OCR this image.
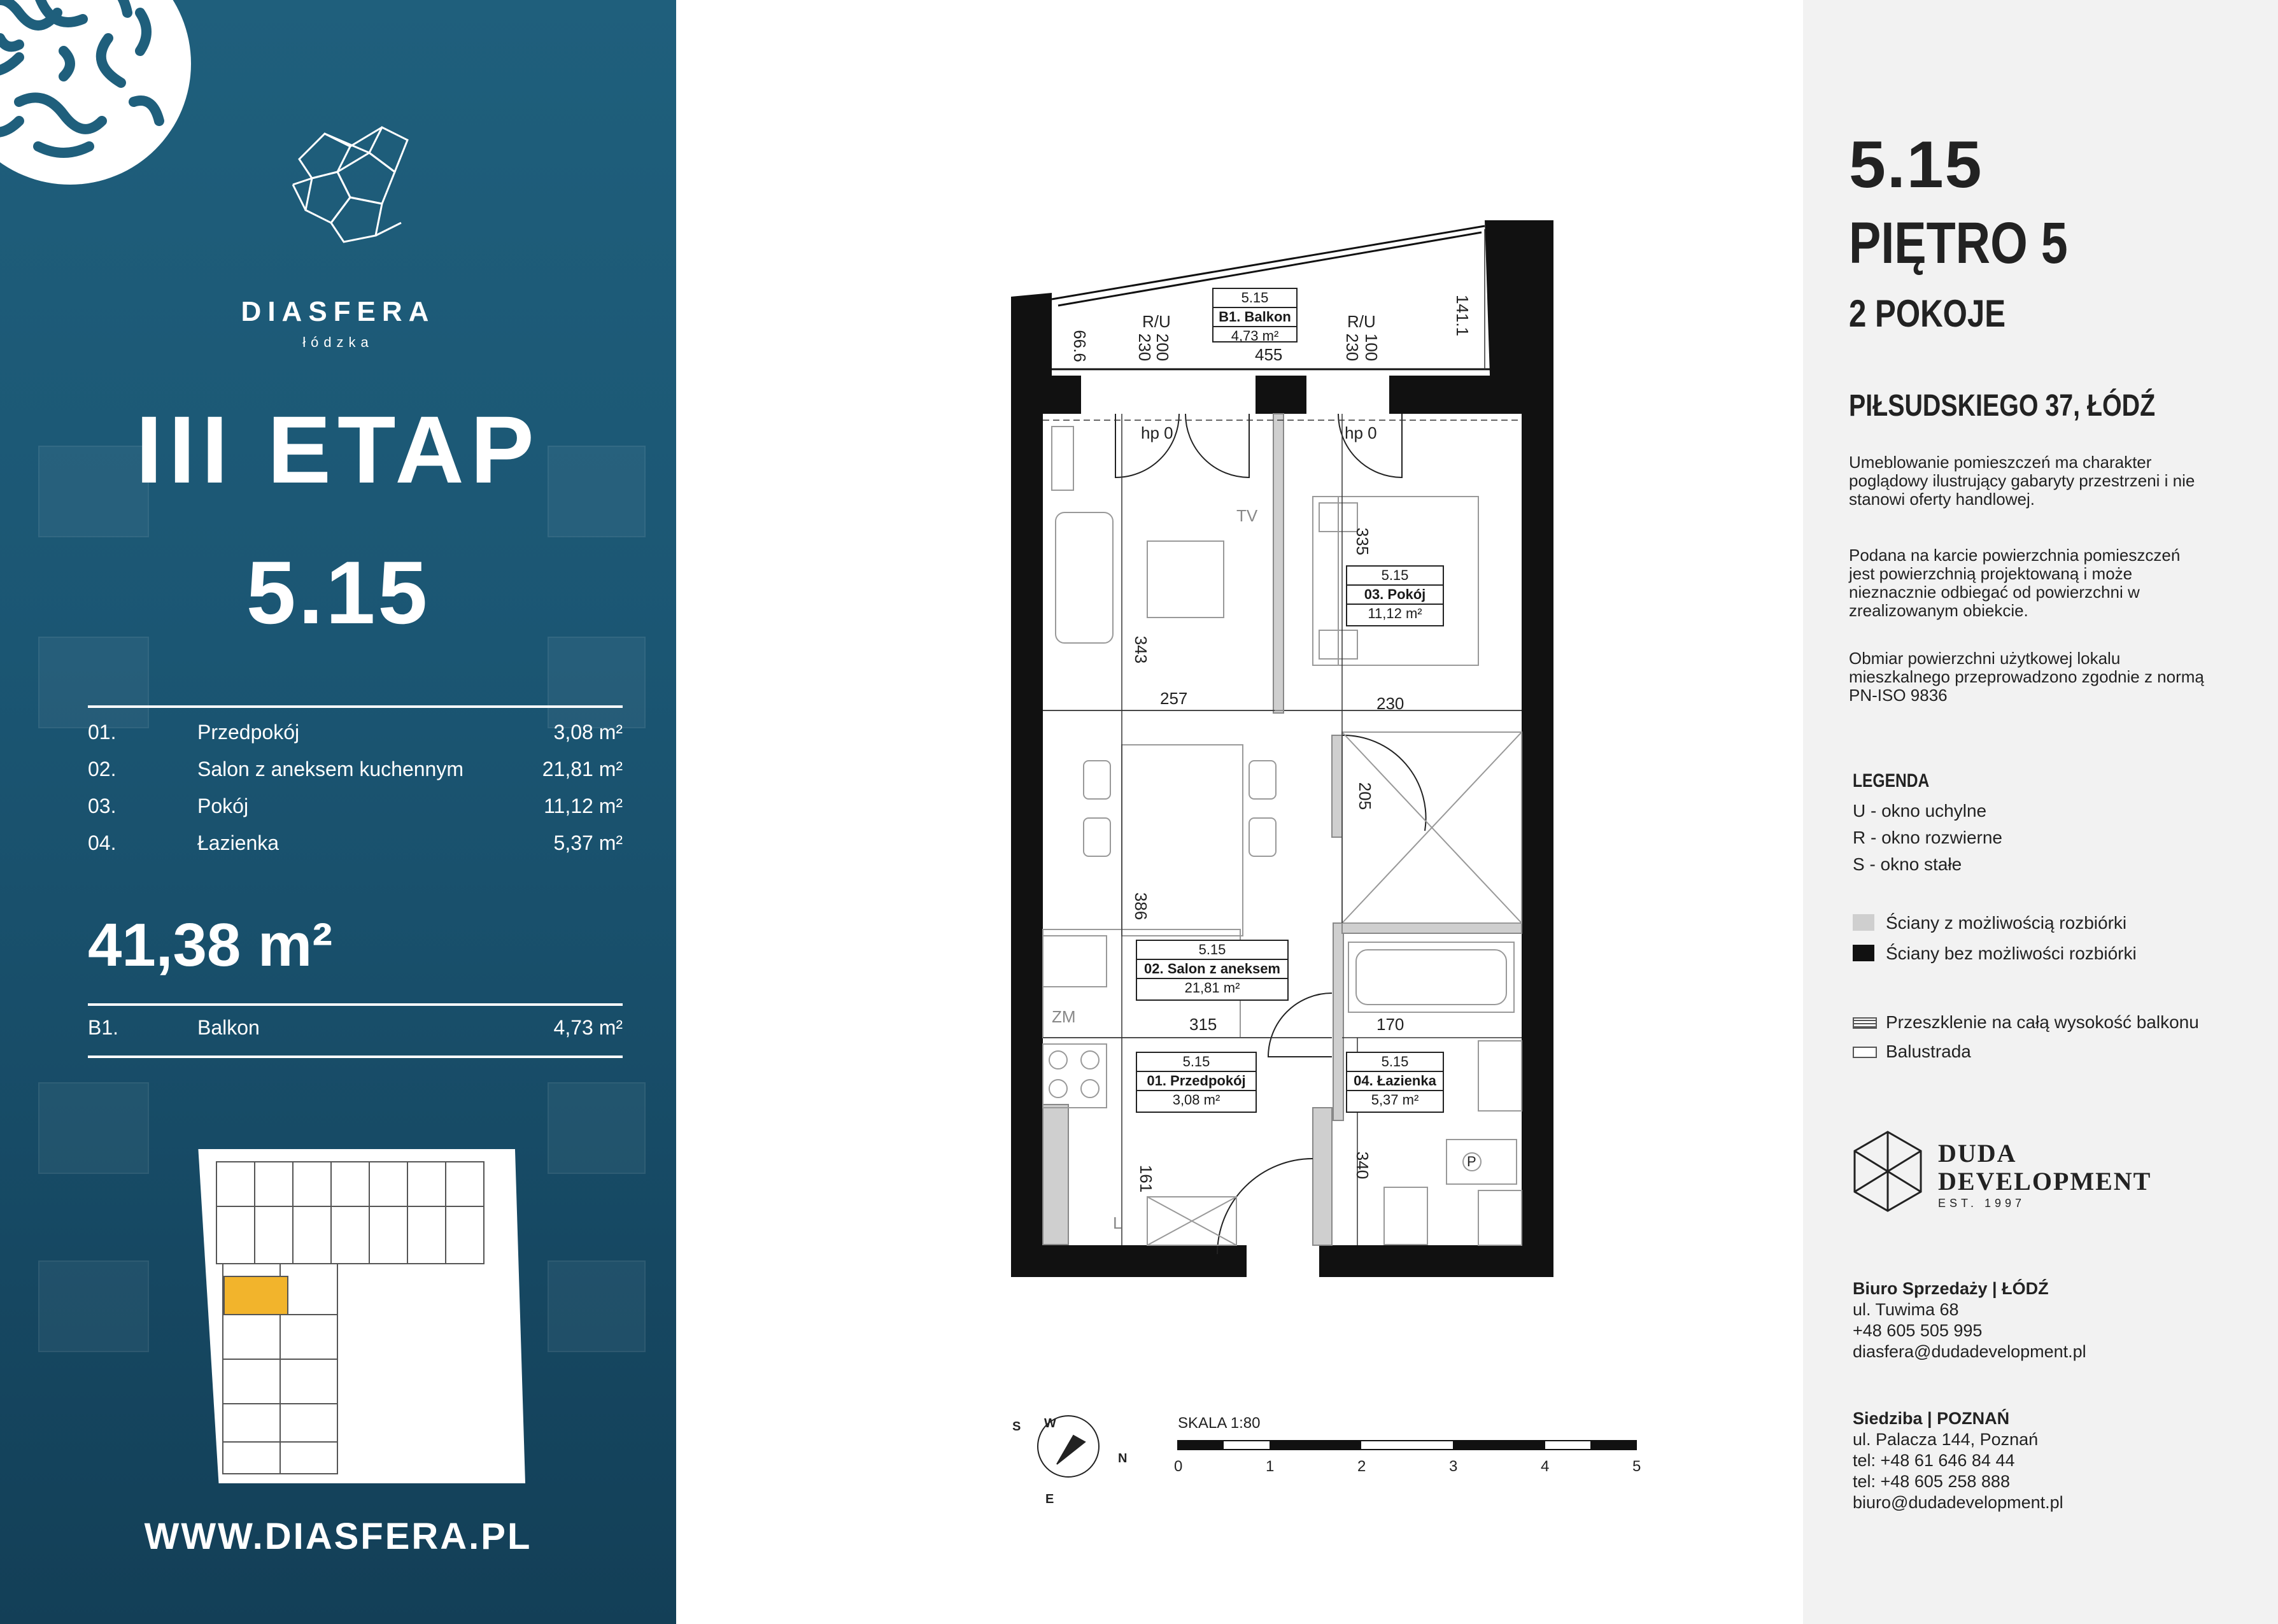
DIASFERA
łódzka
III ETAP
5.15
01.	Przedpokój	3,08 m²
02.	Salon z aneksem kuchennym	21,81 m²
03.	Pokój	11,12 m²
04.	Łazienka	5,37 m²
41,38 m²
B1.	Balkon	4,73 m²
WWW.DIASFERA.PL
5.15
B1. Balkon
4,73 m²
5.15
03. Pokój
11,12 m²
5.15
02. Salon z aneksem
21,81 m²
5.15
01. Przedpokój
3,08 m²
5.15
04. Łazienka
5,37 m²
R/U	R/U
200
230	100
230
66.6
141.1
455
hp 0	hp 0
TV
335
343
257	230
205
386
315	170
340
161
ZM
P
L
W
S
N
E
SKALA 1:80
0	1	2	3	4	5
5.15
PIĘTRO 5
2 POKOJE
PIŁSUDSKIEGO 37, ŁÓDŹ
Umeblowanie pomieszczeń ma charakter poglądowy ilustrujący gabaryty przestrzeni i nie stanowi oferty handlowej.
Podana na karcie powierzchnia pomieszczeń jest powierzchnią projektowaną i może nieznacznie odbiegać od powierzchni w zrealizowanym obiekcie.
Obmiar powierzchni użytkowej lokalu mieszkalnego przeprowadzono zgodnie z normą PN-ISO 9836
LEGENDA
U - okno uchylne
R - okno rozwierne
S - okno stałe
Ściany z możliwością rozbiórki
Ściany bez możliwości rozbiórki
Przeszklenie na całą wysokość balkonu
Balustrada
DUDA
DEVELOPMENT
EST. 1997
Biuro Sprzedaży | ŁÓDŹ
ul. Tuwima 68
+48 605 505 995
diasfera@dudadevelopment.pl
Siedziba | POZNAŃ
ul. Palacza 144, Poznań
tel: +48 61 646 84 44
tel: +48 605 258 888
biuro@dudadevelopment.pl
